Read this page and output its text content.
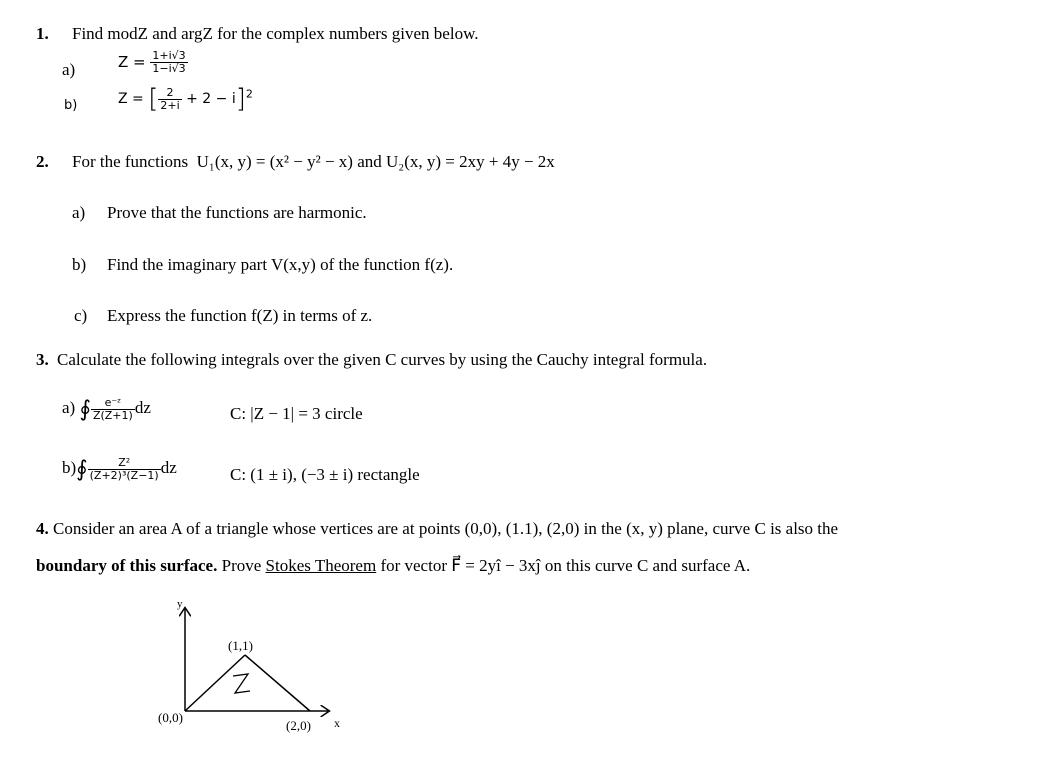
1. Find modZ and argZ for the complex numbers given below.
a)	$Z = \frac{1+i√3}{1-i√3}$
b)	Z = [ $\frac{2}{2+i} + 2 - i]^2$
2. For the functions U₁(x, y) = (x² − y² − x) and U₂(x, y) = 2xy + 4y − 2x
a) Prove that the functions are harmonic.
b) Find the imaginary part V(x,y) of the function f(z).
c) Express the function f(Z) in terms of z.
3. Calculate the following integrals over the given C curves by using the Cauchy integral formula.
a) ∮ $\frac{\text{e⁻ᶻ}}{Z(Z+1)}$ dz	C: |Z − 1| = 3 circle
b)∮ $\frac{\text{Z²}}{\text{(Z+2)³(Z−1)}}$ dz	C: (1 ± i), (−3 ± i) rectangle
4. Consider an area A of a triangle whose vertices are at points (0,0), (1.1), (2,0) in the (x, y) plane, curve C is also the
boundary of this surface. Prove Stokes Theorem for vector F⃗ = 2yî − 3xĵ on this curve C and surface A.
y
x
(0,0)
(1,1)
(2,0)
